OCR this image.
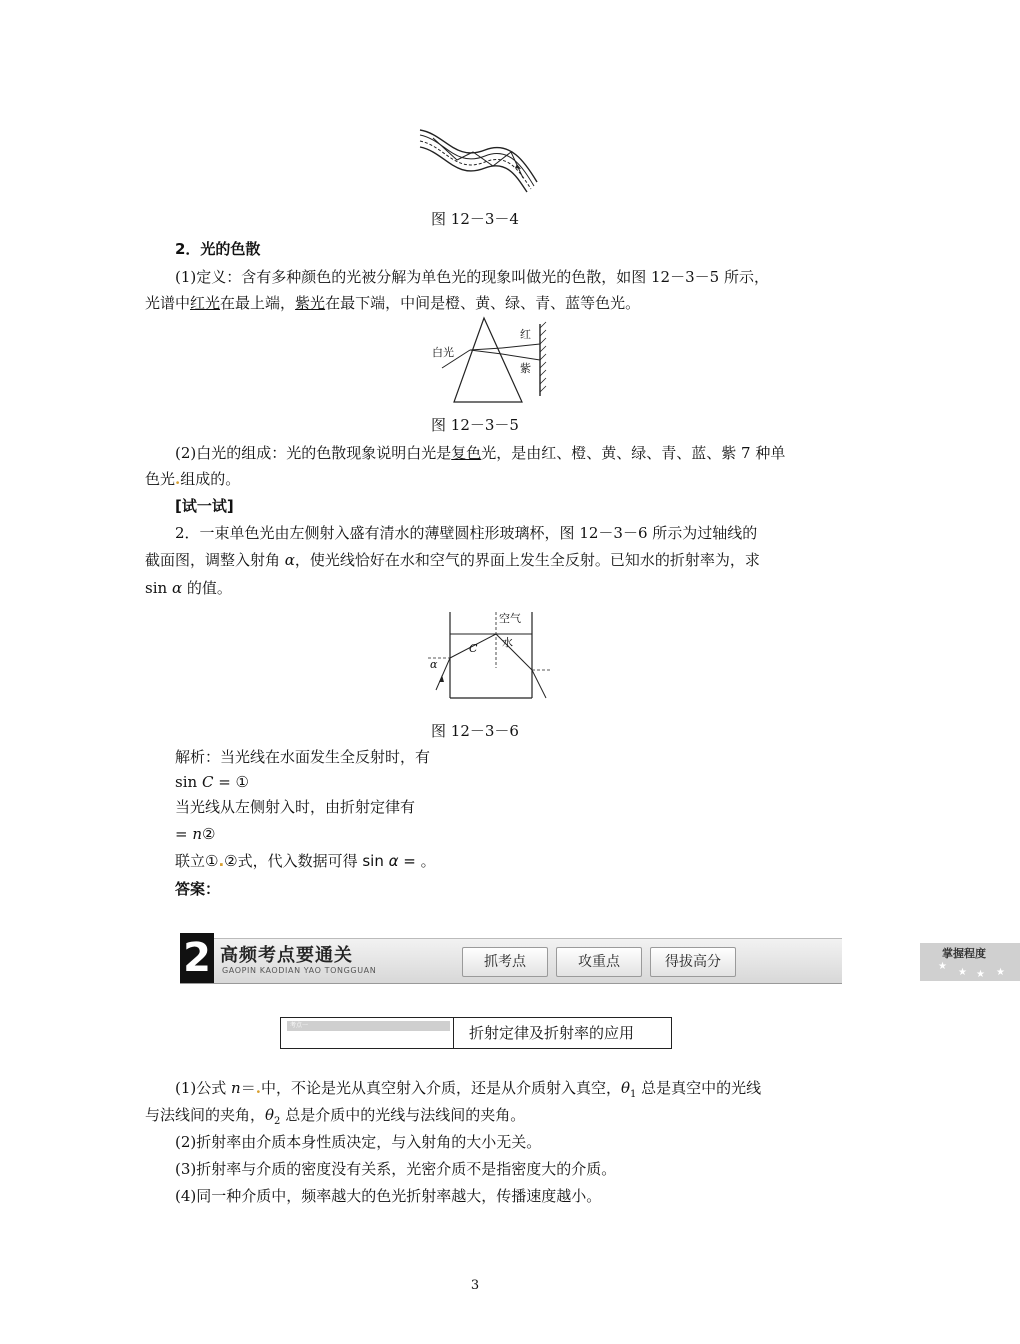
图 12－3－4
2．光的色散
(1)定义：含有多种颜色的光被分解为单色光的现象叫做光的色散，如图 12－3－5 所示，
光谱中红光在最上端，紫光在最下端，中间是橙、黄、绿、青、蓝等色光。
白光
红
紫
图 12－3－5
(2)白光的组成：光的色散现象说明白光是复色光，是由红、橙、黄、绿、青、蓝、紫 7 种单
色光.组成的。
[试一试]
2．一束单色光由左侧射入盛有清水的薄壁圆柱形玻璃杯，图 12－3－6 所示为过轴线的
截面图，调整入射角 α，使光线恰好在水和空气的界面上发生全反射。已知水的折射率为，求
sin α 的值。
空气
水
C
α
图 12－3－6
解析：当光线在水面发生全反射时，有
sin C = ①
当光线从左侧射入时，由折射定律有
= n②
联立①.②式，代入数据可得 sin α = 。
答案：
2 高频考点要通关
GAOPIN KAODIAN YAO TONGGUAN
抓考点	攻重点	得拔高分
掌握程度
★
★ ★ ★
考点一	折射定律及折射率的应用
(1)公式 n＝.中，不论是光从真空射入介质，还是从介质射入真空，$\theta_1$ 总是真空中的光线
与法线间的夹角，$\theta_2$ 总是介质中的光线与法线间的夹角。
(2)折射率由介质本身性质决定，与入射角的大小无关。
(3)折射率与介质的密度没有关系，光密介质不是指密度大的介质。
(4)同一种介质中，频率越大的色光折射率越大，传播速度越小。
3
